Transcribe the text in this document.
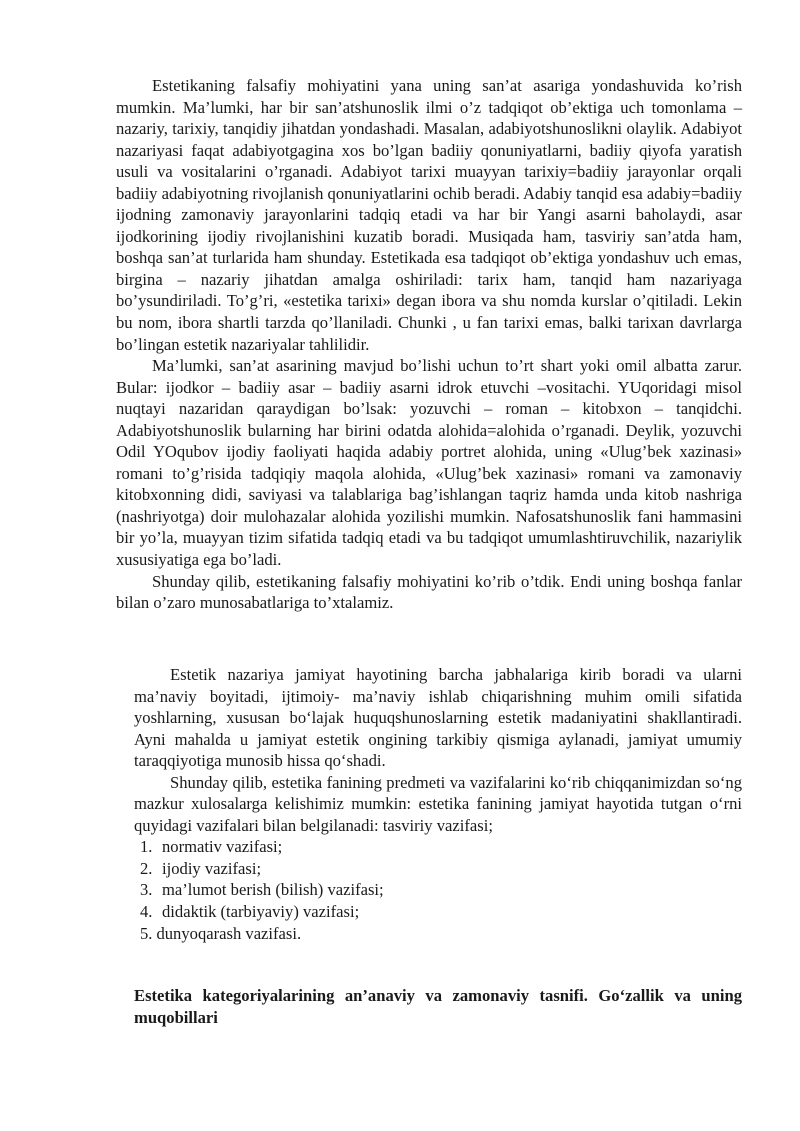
Estetikaning falsafiy mohiyatini yana uning san’at asariga yondashuvida ko’rish mumkin. Ma’lumki, har bir san’atshunoslik ilmi o’z tadqiqot ob’ektiga uch tomonlama – nazariy, tarixiy, tanqidiy jihatdan yondashadi. Masalan, adabiyotshunoslikni olaylik. Adabiyot nazariyasi faqat adabiyotgagina xos bo’lgan badiiy qonuniyatlarni, badiiy qiyofa yaratish usuli va vositalarini o’rganadi. Adabiyot tarixi muayyan tarixiy=badiiy jarayonlar orqali badiiy adabiyotning rivojlanish qonuniyatlarini ochib beradi. Adabiy tanqid esa adabiy=badiiy ijodning zamonaviy jarayonlarini tadqiq etadi va har bir Yangi asarni baholaydi, asar ijodkorining ijodiy rivojlanishini kuzatib boradi. Musiqada ham, tasviriy san’atda ham, boshqa san’at turlarida ham shunday. Estetikada esa tadqiqot ob’ektiga yondashuv uch emas, birgina – nazariy jihatdan amalga oshiriladi: tarix ham, tanqid ham nazariyaga bo’ysundiriladi. To’g’ri, «estetika tarixi» degan ibora va shu nomda kurslar o’qitiladi. Lekin bu nom, ibora shartli tarzda qo’llaniladi. Chunki , u fan tarixi emas, balki tarixan davrlarga bo’lingan estetik nazariyalar tahlilidir.

Ma’lumki, san’at asarining mavjud bo’lishi uchun to’rt shart yoki omil albatta zarur. Bular: ijodkor – badiiy asar – badiiy asarni idrok etuvchi –vositachi. YUqoridagi misol nuqtayi nazaridan qaraydigan bo’lsak: yozuvchi – roman – kitobxon – tanqidchi. Adabiyotshunoslik bularning har birini odatda alohida=alohida o’rganadi. Deylik, yozuvchi Odil YOqubov ijodiy faoliyati haqida adabiy portret alohida, uning «Ulug’bek xazinasi» romani to’g’risida tadqiqiy maqola alohida, «Ulug’bek xazinasi» romani va zamonaviy kitobxonning didi, saviyasi va talablariga bag’ishlangan taqriz hamda unda kitob nashriga (nashriyotga) doir mulohazalar alohida yozilishi mumkin. Nafosatshunoslik fani hammasini bir yo’la, muayyan tizim sifatida tadqiq etadi va bu tadqiqot umumlashtiruvchilik, nazariylik xususiyatiga ega bo’ladi.

Shunday qilib, estetikaning falsafiy mohiyatini ko’rib o’tdik. Endi uning boshqa fanlar bilan o’zaro munosabatlariga to’xtalamiz.

Estetik nazariya jamiyat hayotining barcha jabhalariga kirib boradi va ularni ma’naviy boyitadi, ijtimoiy- ma’naviy ishlab chiqarishning muhim omili sifatida yoshlarning, xususan bo‘lajak huquqshunoslarning estetik madaniyatini shakllantiradi. Ayni mahalda u jamiyat estetik ongining tarkibiy qismiga aylanadi, jamiyat umumiy taraqqiyotiga munosib hissa qo‘shadi.

Shunday qilib, estetika fanining predmeti va vazifalarini ko‘rib chiqqanimizdan so‘ng mazkur xulosalarga kelishimiz mumkin: estetika fanining jamiyat hayotida tutgan o‘rni quyidagi vazifalari bilan belgilanadi: tasviriy vazifasi;

1. normativ vazifasi;
2. ijodiy vazifasi;
3. ma’lumot berish (bilish) vazifasi;
4. didaktik (tarbiyaviy) vazifasi;
5. dunyoqarash vazifasi.
Estetika kategoriyalarining an’anaviy va zamonaviy tasnifi. Go‘zallik va uning muqobillari
